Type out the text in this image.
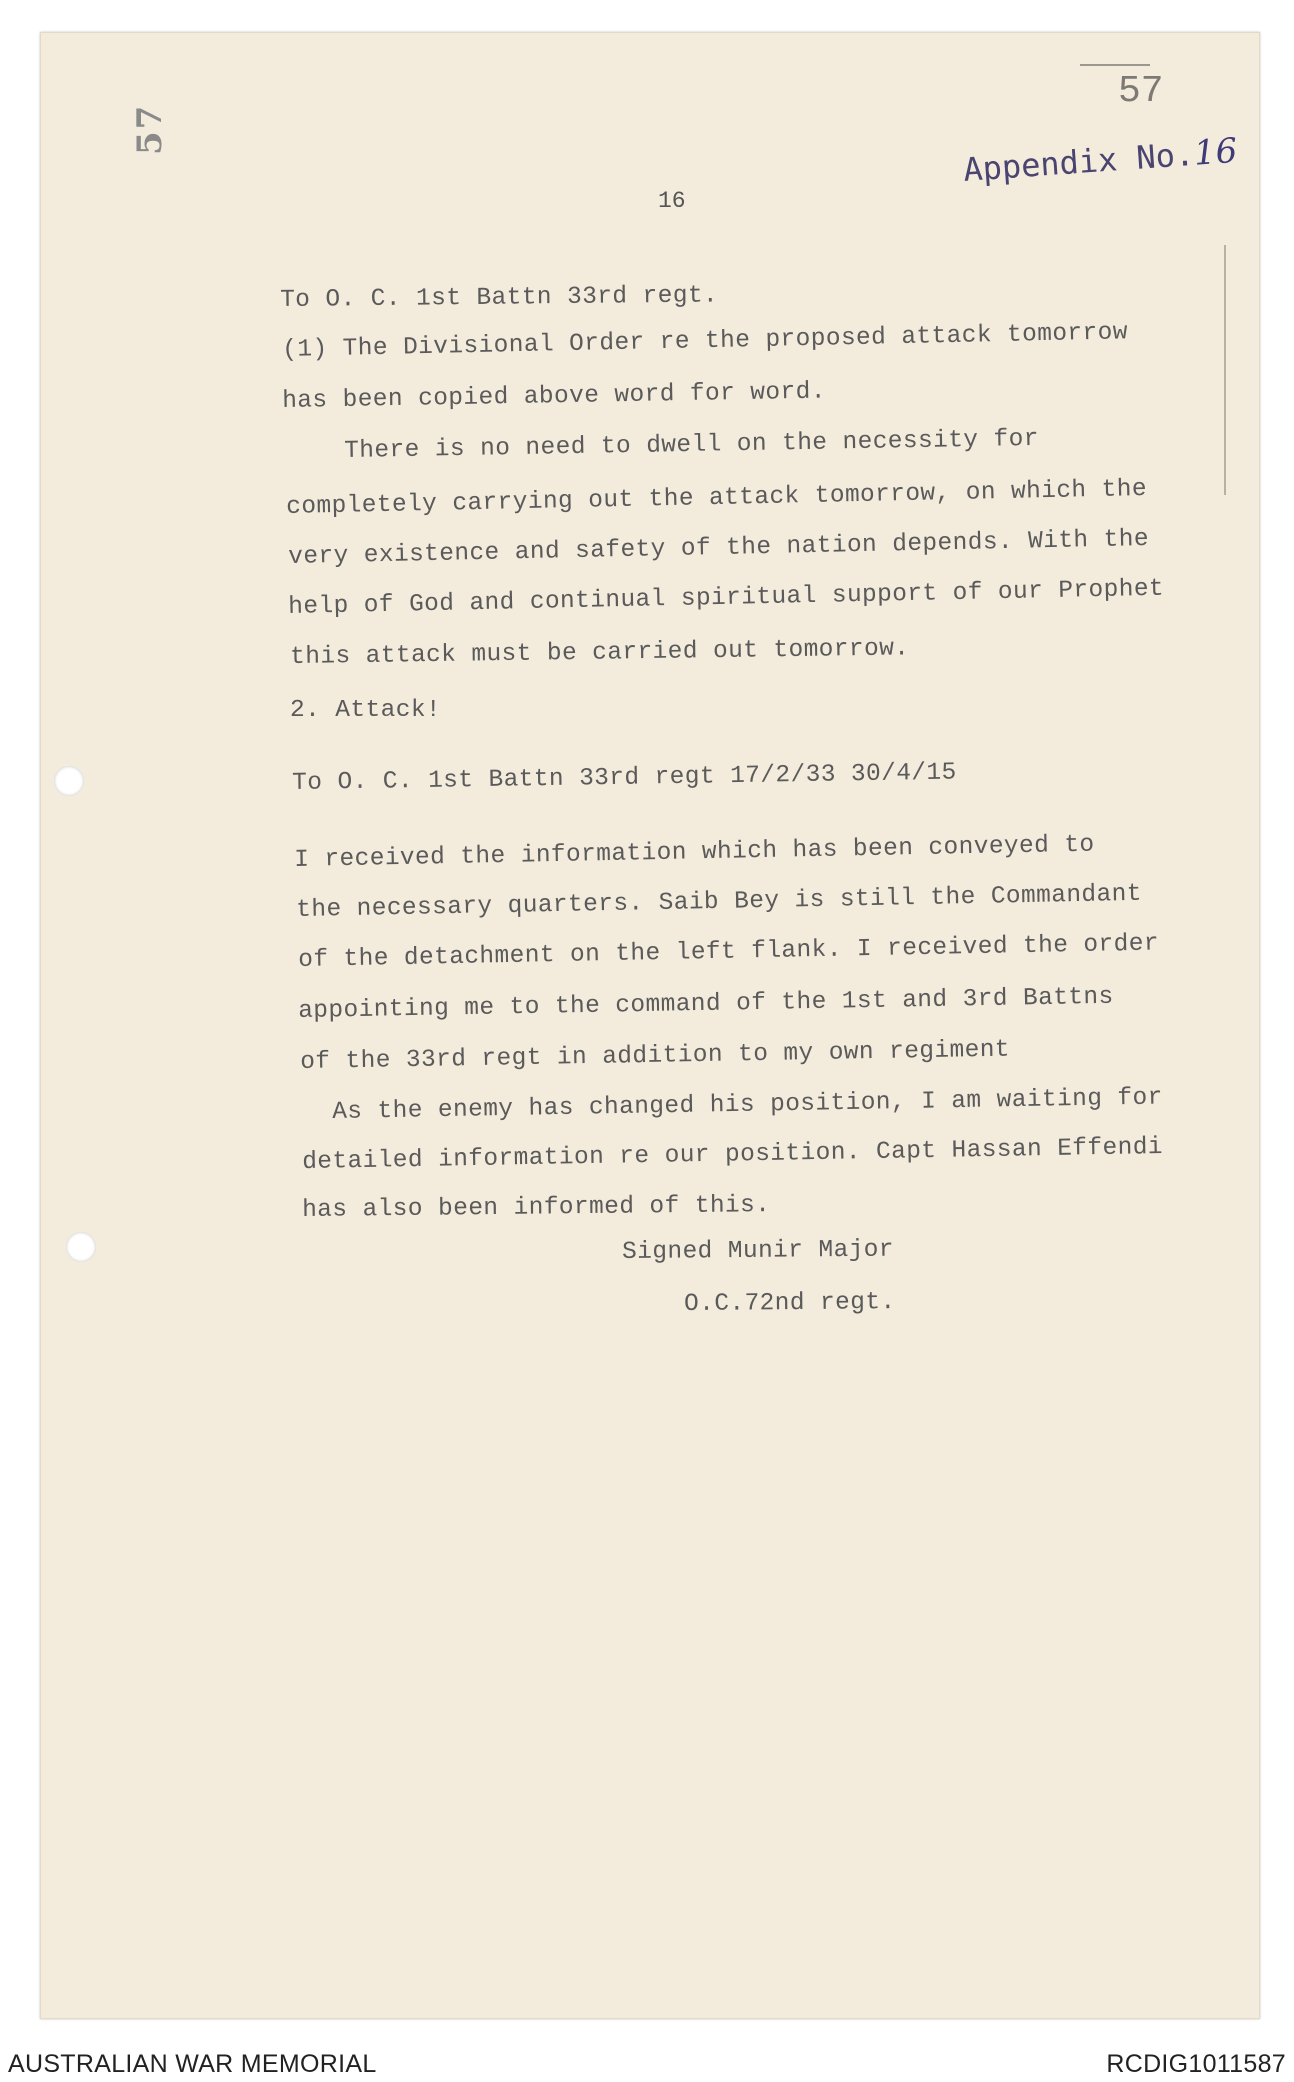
57
57
Appendix No.16
16
To O. C. 1st Battn 33rd regt.
(1) The Divisional Order re the proposed attack tomorrow
has been copied above word for word.
There is no need to dwell on the necessity for
completely carrying out the attack tomorrow, on which the
very existence and safety of the nation depends. With the
help of God and continual spiritual support of our Prophet
this attack must be carried out tomorrow.
2. Attack!
To O. C. 1st Battn 33rd regt 17/2/33 30/4/15
I received the information which has been conveyed to
the necessary quarters. Saib Bey is still the Commandant
of the detachment on the left flank. I received the order
appointing me to the command of the 1st and 3rd Battns
of the 33rd regt in addition to my own regiment
As the enemy has changed his position, I am waiting for
detailed information re our position. Capt Hassan Effendi
has also been informed of this.
Signed Munir Major
O.C.72nd regt.
AUSTRALIAN WAR MEMORIAL	RCDIG1011587
